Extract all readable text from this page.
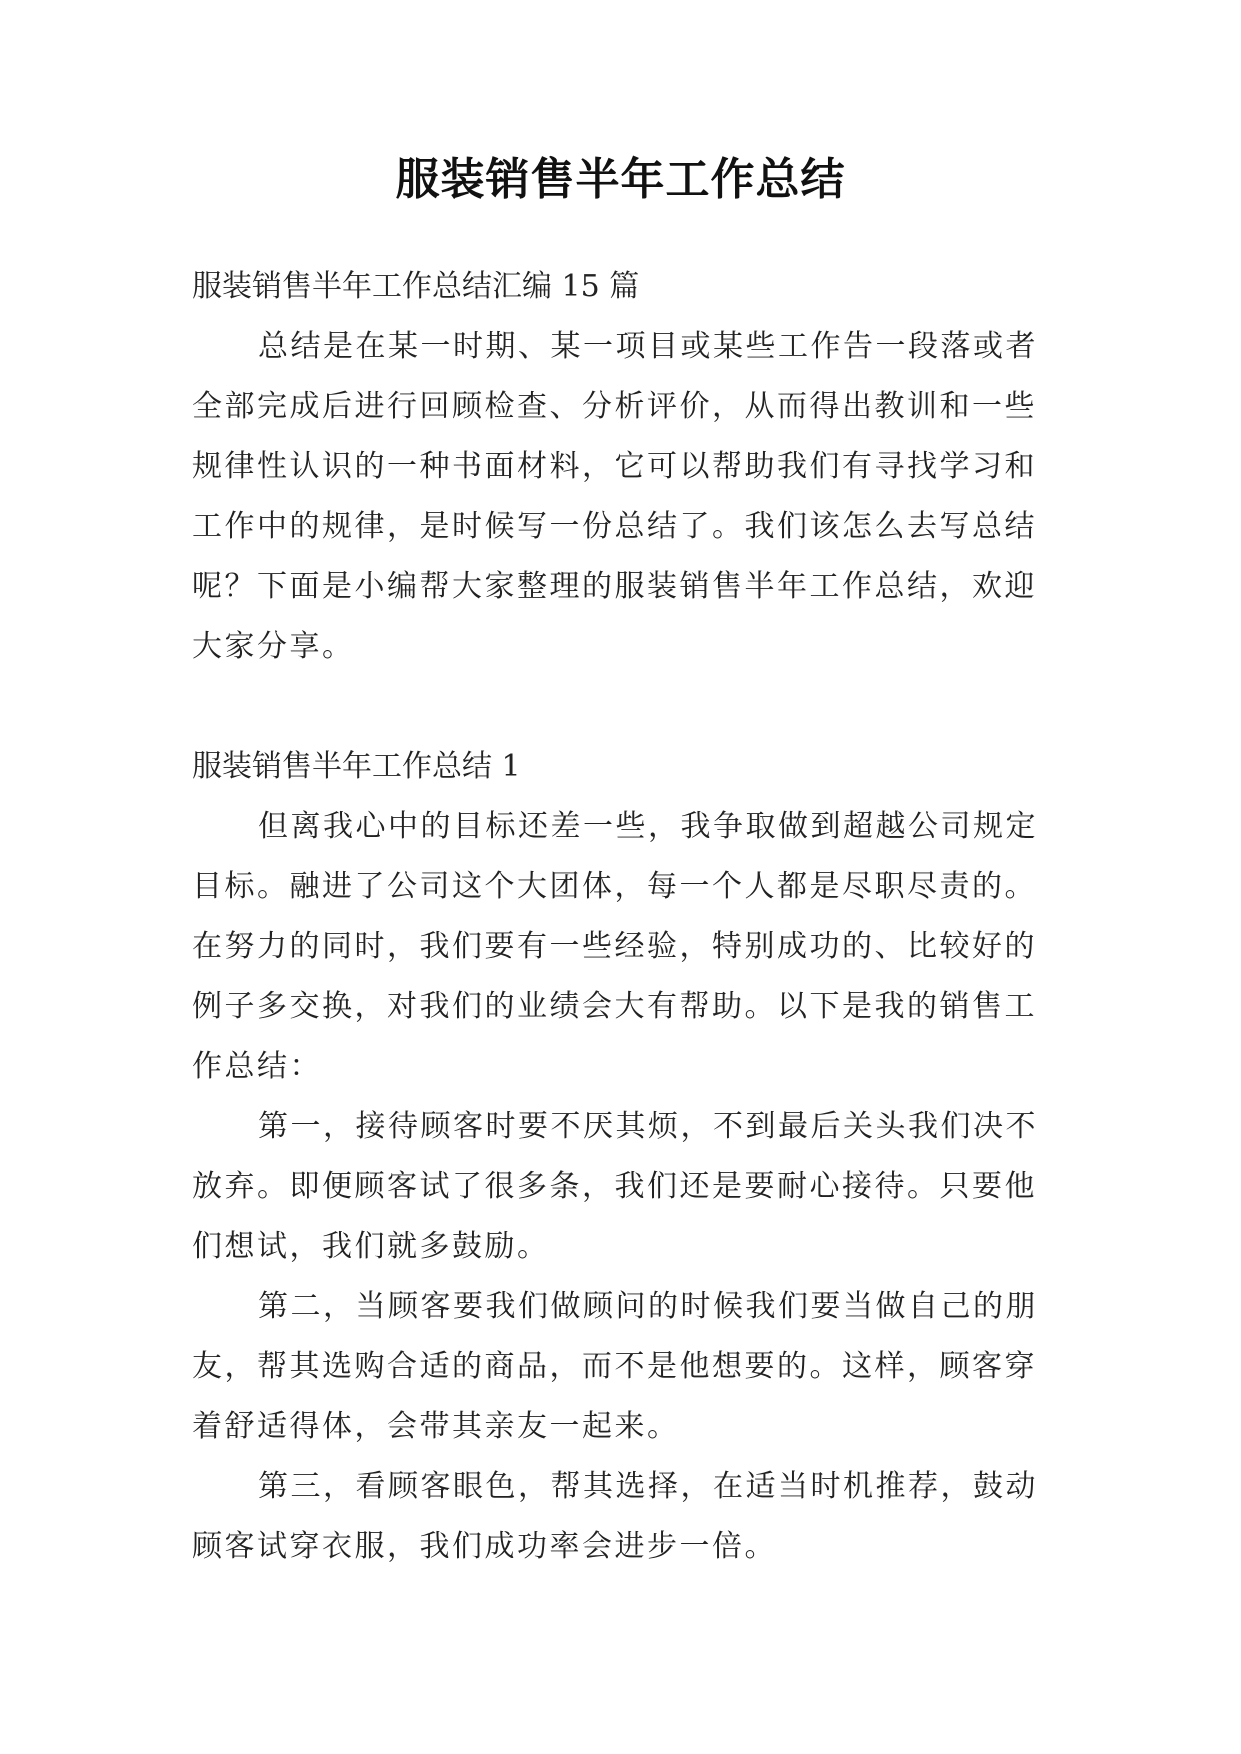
服装销售半年工作总结

服装销售半年工作总结汇编 15 篇

总结是在某一时期、某一项目或某些工作告一段落或者
全部完成后进行回顾检查、分析评价，从而得出教训和一些
规律性认识的一种书面材料，它可以帮助我们有寻找学习和
工作中的规律，是时候写一份总结了。我们该怎么去写总结
呢？下面是小编帮大家整理的服装销售半年工作总结，欢迎
大家分享。

服装销售半年工作总结 1

但离我心中的目标还差一些，我争取做到超越公司规定
目标。融进了公司这个大团体，每一个人都是尽职尽责的。
在努力的同时，我们要有一些经验，特别成功的、比较好的
例子多交换，对我们的业绩会大有帮助。以下是我的销售工
作总结：

第一，接待顾客时要不厌其烦，不到最后关头我们决不
放弃。即便顾客试了很多条，我们还是要耐心接待。只要他
们想试，我们就多鼓励。

第二，当顾客要我们做顾问的时候我们要当做自己的朋
友，帮其选购合适的商品，而不是他想要的。这样，顾客穿
着舒适得体，会带其亲友一起来。

第三，看顾客眼色，帮其选择，在适当时机推荐，鼓动
顾客试穿衣服，我们成功率会进步一倍。
